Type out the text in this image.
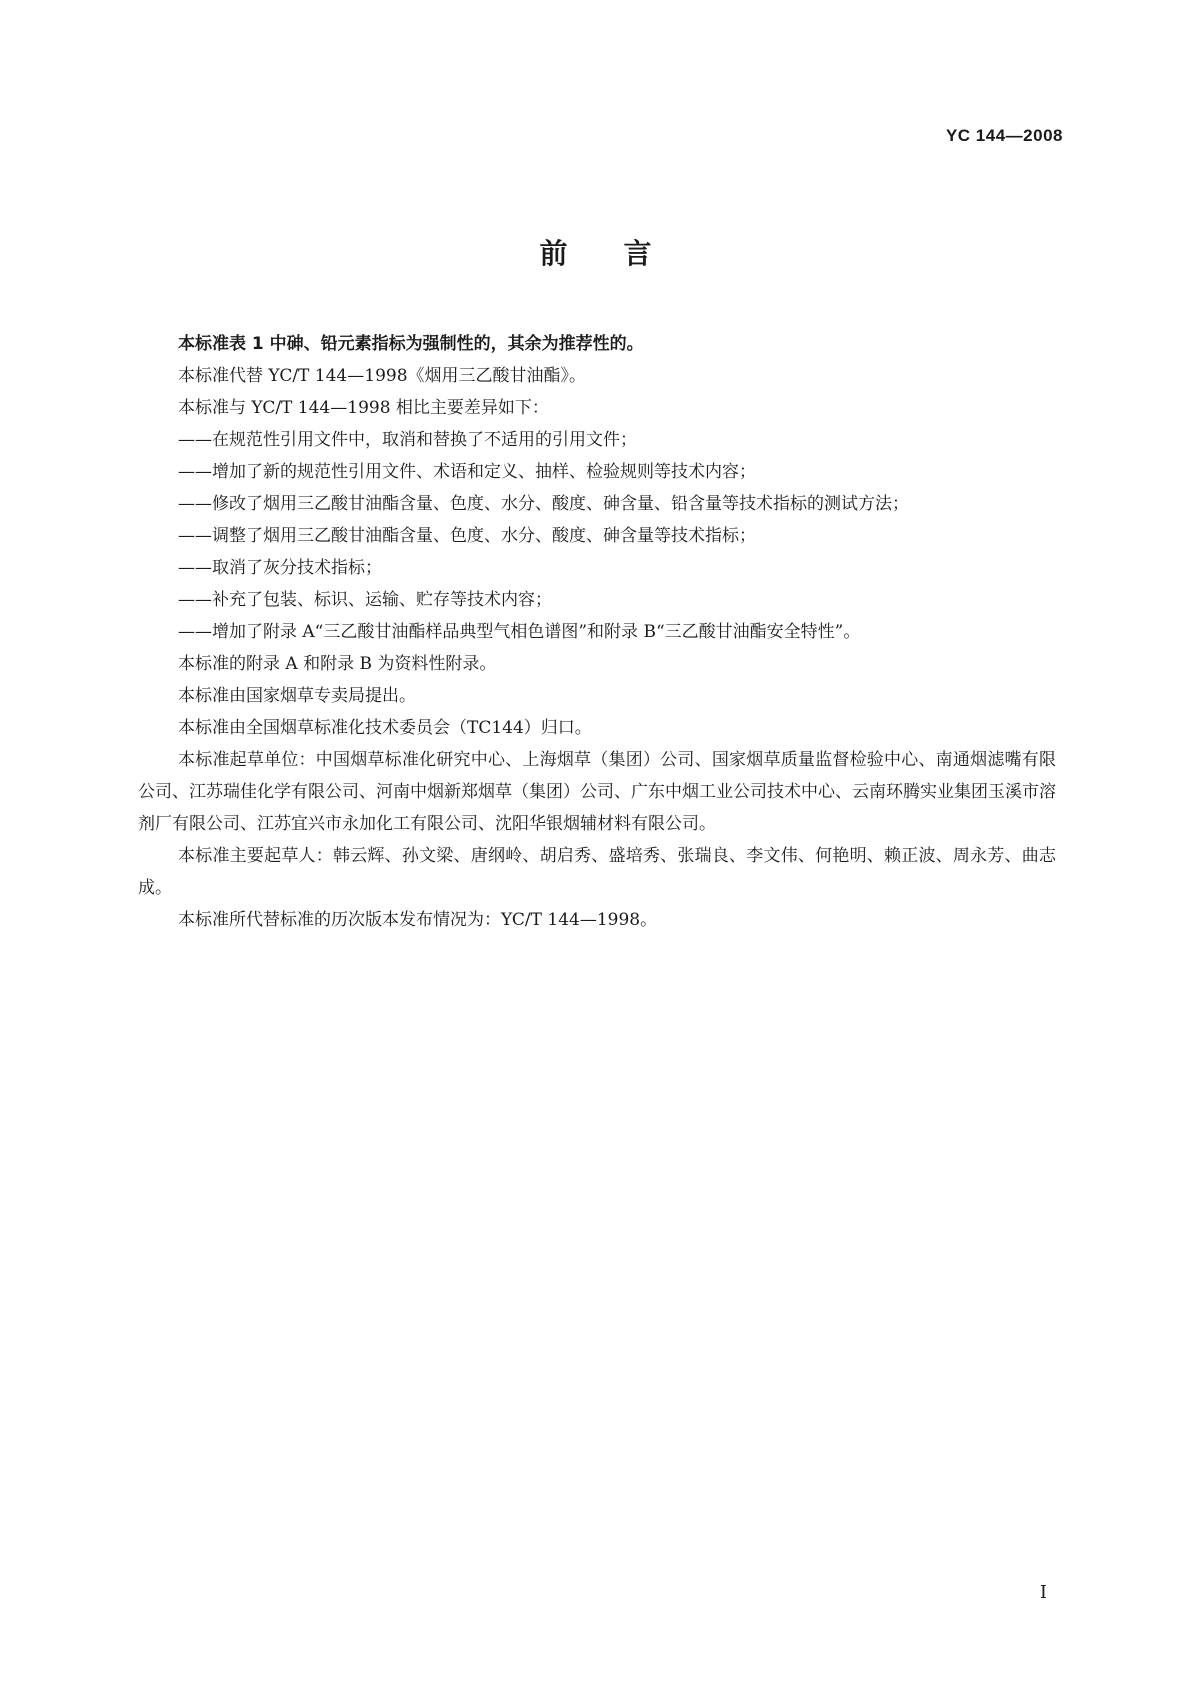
YC 144—2008
前言

本标准表 1 中砷、铅元素指标为强制性的，其余为推荐性的。

本标准代替 YC/T 144—1998《烟用三乙酸甘油酯》。

本标准与 YC/T 144—1998 相比主要差异如下：

——在规范性引用文件中，取消和替换了不适用的引用文件；

——增加了新的规范性引用文件、术语和定义、抽样、检验规则等技术内容；

——修改了烟用三乙酸甘油酯含量、色度、水分、酸度、砷含量、铅含量等技术指标的测试方法；

——调整了烟用三乙酸甘油酯含量、色度、水分、酸度、砷含量等技术指标；

——取消了灰分技术指标；

——补充了包装、标识、运输、贮存等技术内容；

——增加了附录 A“三乙酸甘油酯样品典型气相色谱图”和附录 B“三乙酸甘油酯安全特性”。

本标准的附录 A 和附录 B 为资料性附录。

本标准由国家烟草专卖局提出。

本标准由全国烟草标准化技术委员会（TC144）归口。

本标准起草单位：中国烟草标准化研究中心、上海烟草（集团）公司、国家烟草质量监督检验中心、南通烟滤嘴有限公司、江苏瑞佳化学有限公司、河南中烟新郑烟草（集团）公司、广东中烟工业公司技术中心、云南环腾实业集团玉溪市溶剂厂有限公司、江苏宜兴市永加化工有限公司、沈阳华银烟辅材料有限公司。

本标准主要起草人：韩云辉、孙文梁、唐纲岭、胡启秀、盛培秀、张瑞良、李文伟、何艳明、赖正波、周永芳、曲志成。

本标准所代替标准的历次版本发布情况为：YC/T 144—1998。

I
